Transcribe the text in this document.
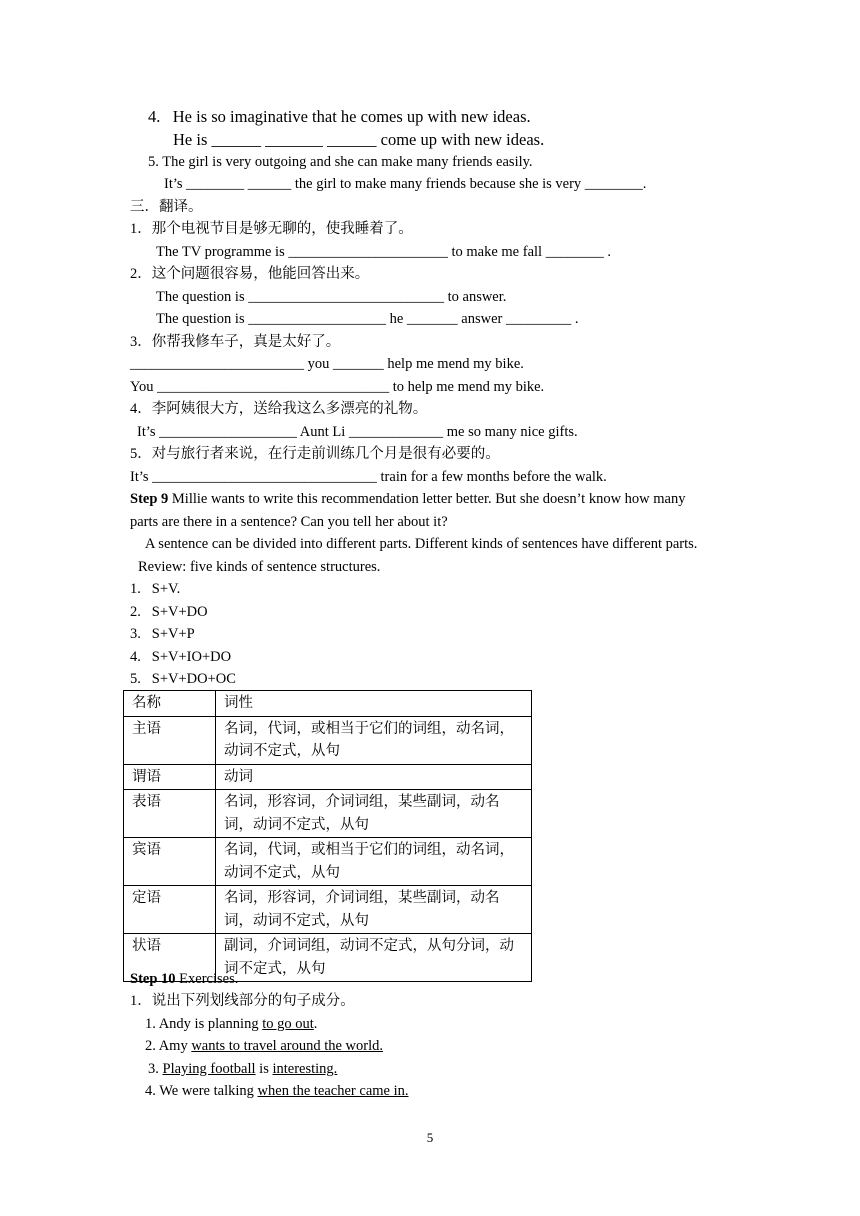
4.   He is so imaginative that he comes up with new ideas.
He is ______ _______ ______ come up with new ideas.
5. The girl is very outgoing and she can make many friends easily.
It’s ________ ______ the girl to make many friends because she is very ________.
三．翻译。
1．那个电视节目是够无聊的，使我睡着了。
The TV programme is ______________________ to make me fall ________ .
2．这个问题很容易，他能回答出来。
The question is ___________________________ to answer.
The question is ___________________ he _______ answer _________ .
3．你帮我修车子，真是太好了。
________________________ you _______ help me mend my bike.
You ________________________________ to help me mend my bike.
4．李阿姨很大方，送给我这么多漂亮的礼物。
It’s ___________________ Aunt Li _____________ me so many nice gifts.
5．对与旅行者来说，在行走前训练几个月是很有必要的。
It’s _______________________________ train for a few months before the walk.
Step 9 Millie wants to write this recommendation letter better. But she doesn’t know how many
parts are there in a sentence? Can you tell her about it?
A sentence can be divided into different parts. Different kinds of sentences have different parts.
Review: five kinds of sentence structures.
1.   S+V.
2.   S+V+DO
3.   S+V+P
4.   S+V+IO+DO
5.   S+V+DO+OC
名称	词性
主语	名词，代词，或相当于它们的词组，动名词，动词不定式，从句
谓语	动词
表语	名词，形容词，介词词组，某些副词，动名词，动词不定式，从句
宾语	名词，代词，或相当于它们的词组，动名词，动词不定式，从句
定语	名词，形容词，介词词组，某些副词，动名词，动词不定式，从句
状语	副词，介词词组，动词不定式，从句分词，动词不定式，从句
Step 10 Exercises.
1．说出下列划线部分的句子成分。
1. Andy is planning to go out.
2. Amy wants to travel around the world.
3. Playing football is interesting.
4. We were talking when the teacher came in.
5
